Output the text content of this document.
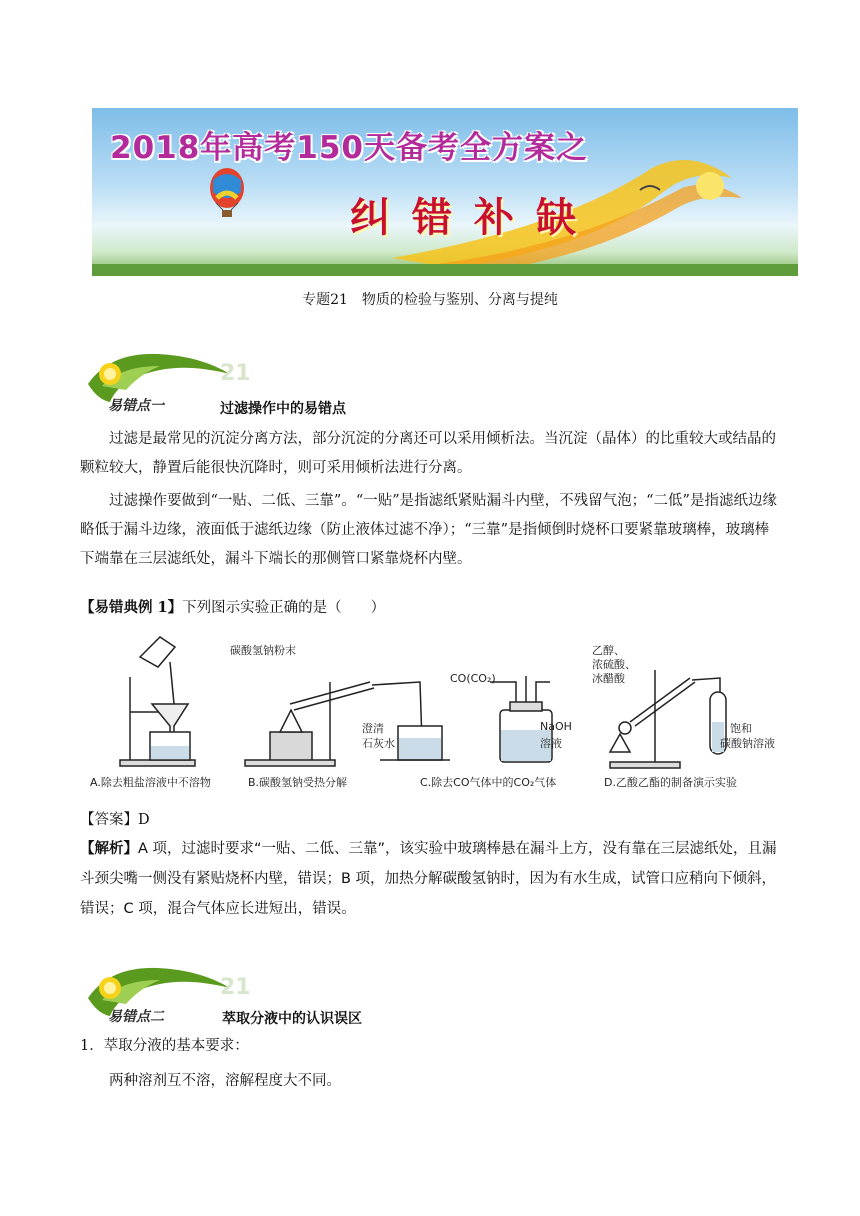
2018年高考150天备考全方案之
纠错补缺
专题21　物质的检验与鉴别、分离与提纯
21
易错点一	过滤操作中的易错点
过滤是最常见的沉淀分离方法，部分沉淀的分离还可以采用倾析法。当沉淀（晶体）的比重较大或结晶的颗粒较大，静置后能很快沉降时，则可采用倾析法进行分离。
过滤操作要做到“一贴、二低、三靠”。“一贴”是指滤纸紧贴漏斗内壁，不残留气泡；“二低”是指滤纸边缘略低于漏斗边缘，液面低于滤纸边缘（防止液体过滤不净）；“三靠”是指倾倒时烧杯口要紧靠玻璃棒，玻璃棒下端靠在三层滤纸处，漏斗下端长的那侧管口紧靠烧杯内壁。
【易错典例 1】下列图示实验正确的是（　　）
碳酸氢钠粉末
澄清
石灰水
CO(CO₂)
NaOH
溶液
乙醇、
浓硫酸、
冰醋酸
饱和
碳酸钠溶液
A.除去粗盐溶液中不溶物	B.碳酸氢钠受热分解	C.除去CO气体中的CO₂气体	D.乙酸乙酯的制备演示实验
【答案】D
【解析】A 项，过滤时要求“一贴、二低、三靠”，该实验中玻璃棒悬在漏斗上方，没有靠在三层滤纸处，且漏斗颈尖嘴一侧没有紧贴烧杯内壁，错误；B 项，加热分解碳酸氢钠时，因为有水生成，试管口应稍向下倾斜，错误；C 项，混合气体应长进短出，错误。
21
易错点二	萃取分液中的认识误区
1．萃取分液的基本要求：
两种溶剂互不溶，溶解程度大不同。
